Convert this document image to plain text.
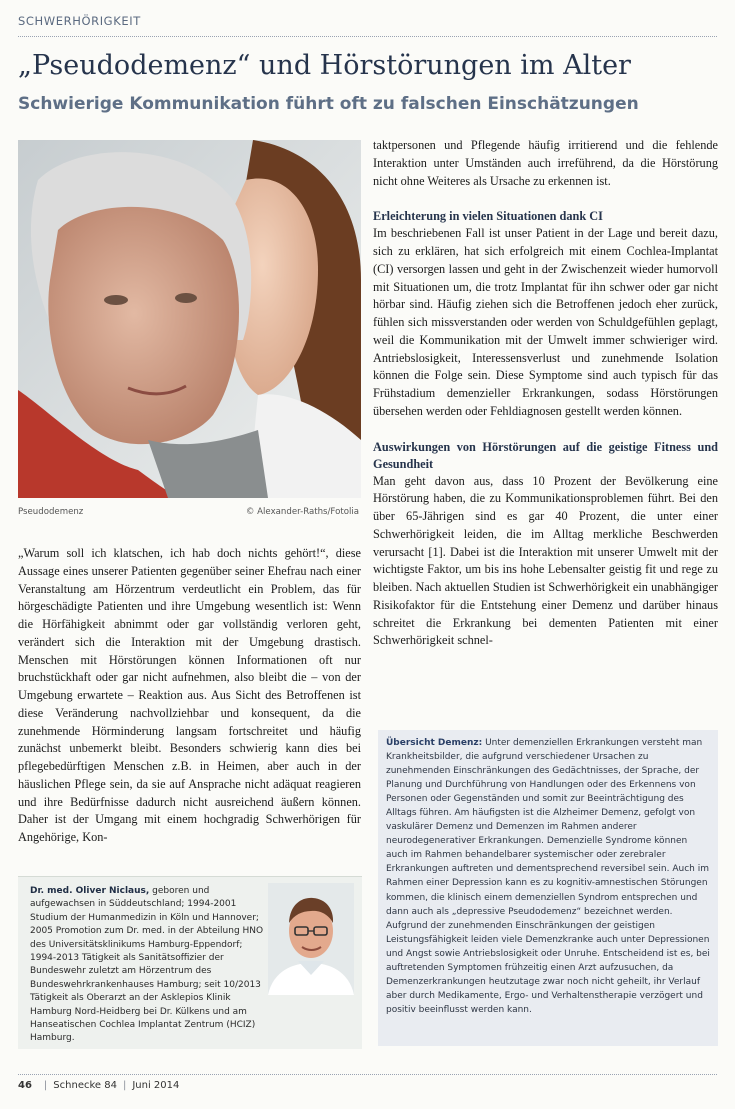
SCHWERHÖRIGKEIT
„Pseudodemenz“ und Hörstörungen im Alter
Schwierige Kommunikation führt oft zu falschen Einschätzungen
Pseudodemenz	© Alexander-Raths/Fotolia

„Warum soll ich klatschen, ich hab doch nichts gehört!“, diese Aussage eines unserer Patienten gegenüber seiner Ehefrau nach einer Veranstaltung am Hörzentrum verdeutlicht ein Problem, das für hörgeschädigte Patienten und ihre Umgebung wesentlich ist: Wenn die Hörfähigkeit abnimmt oder gar vollständig verloren geht, verändert sich die Interaktion mit der Umgebung drastisch. Menschen mit Hörstörungen können Informationen oft nur bruchstückhaft oder gar nicht aufnehmen, also bleibt die – von der Umgebung erwartete – Reaktion aus. Aus Sicht des Betroffenen ist diese Veränderung nachvollziehbar und konsequent, da die zunehmende Hörminderung langsam fortschreitet und häufig zunächst unbemerkt bleibt. Besonders schwierig kann dies bei pflegebedürftigen Menschen z.B. in Heimen, aber auch in der häuslichen Pflege sein, da sie auf Ansprache nicht adäquat reagieren und ihre Bedürfnisse dadurch nicht ausreichend äußern können. Daher ist der Umgang mit einem hochgradig Schwerhörigen für Angehörige, Kon-

taktpersonen und Pflegende häufig irritierend und die fehlende Interaktion unter Umständen auch irreführend, da die Hörstörung nicht ohne Weiteres als Ursache zu erkennen ist.

Erleichterung in vielen Situationen dank CI

Im beschriebenen Fall ist unser Patient in der Lage und bereit dazu, sich zu erklären, hat sich erfolgreich mit einem Cochlea-Implantat (CI) versorgen lassen und geht in der Zwischenzeit wieder humorvoll mit Situationen um, die trotz Implantat für ihn schwer oder gar nicht hörbar sind. Häufig ziehen sich die Betroffenen jedoch eher zurück, fühlen sich missverstanden oder werden von Schuldgefühlen geplagt, weil die Kommunikation mit der Umwelt immer schwieriger wird. Antriebslosigkeit, Interessensverlust und zunehmende Isolation können die Folge sein. Diese Symptome sind auch typisch für das Frühstadium demenzieller Erkrankungen, sodass Hörstörungen übersehen werden oder Fehldiagnosen gestellt werden können.

Auswirkungen von Hörstörungen auf die geistige Fitness und Gesundheit

Man geht davon aus, dass 10 Prozent der Bevölkerung eine Hörstörung haben, die zu Kommunikationsproblemen führt. Bei den über 65-Jährigen sind es gar 40 Prozent, die unter einer Schwerhörigkeit leiden, die im Alltag merkliche Beschwerden verursacht [1]. Dabei ist die Interaktion mit unserer Umwelt mit der wichtigste Faktor, um bis ins hohe Lebensalter geistig fit und rege zu bleiben. Nach aktuellen Studien ist Schwerhörigkeit ein unabhängiger Risikofaktor für die Entstehung einer Demenz und darüber hinaus schreitet die Erkrankung bei dementen Patienten mit einer Schwerhörigkeit schnel-

Dr. med. Oliver Niclaus, geboren und aufgewachsen in Süddeutschland; 1994-2001 Studium der Humanmedizin in Köln und Hannover; 2005 Promotion zum Dr. med. in der Abteilung HNO des Universitätsklinikums Hamburg-Eppendorf; 1994-2013 Tätigkeit als Sanitätsoffizier der Bundeswehr zuletzt am Hörzentrum des Bundeswehrkrankenhauses Hamburg; seit 10/2013 Tätigkeit als Oberarzt an der Asklepios Klinik Hamburg Nord-Heidberg bei Dr. Külkens und am Hanseatischen Cochlea Implantat Zentrum (HCIZ) Hamburg.
Übersicht Demenz: Unter demenziellen Erkrankungen versteht man Krankheitsbilder, die aufgrund verschiedener Ursachen zu zunehmenden Einschränkungen des Gedächtnisses, der Sprache, der Planung und Durchführung von Handlungen oder des Erkennens von Personen oder Gegenständen und somit zur Beeinträchtigung des Alltags führen. Am häufigsten ist die Alzheimer Demenz, gefolgt von vaskulärer Demenz und Demenzen im Rahmen anderer neurodegenerativer Erkrankungen. Demenzielle Syndrome können auch im Rahmen behandelbarer systemischer oder zerebraler Erkrankungen auftreten und dementsprechend reversibel sein. Auch im Rahmen einer Depression kann es zu kognitiv-amnestischen Störungen kommen, die klinisch einem demenziellen Syndrom entsprechen und dann auch als „depressive Pseudodemenz“ bezeichnet werden. Aufgrund der zunehmenden Einschränkungen der geistigen Leistungsfähigkeit leiden viele Demenzkranke auch unter Depressionen und Angst sowie Antriebslosigkeit oder Unruhe. Entscheidend ist es, bei auftretenden Symptomen frühzeitig einen Arzt aufzusuchen, da Demenzerkrankungen heutzutage zwar noch nicht geheilt, ihr Verlauf aber durch Medikamente, Ergo- und Verhaltenstherapie verzögert und positiv beeinflusst werden kann.
46 | Schnecke 84 | Juni 2014
